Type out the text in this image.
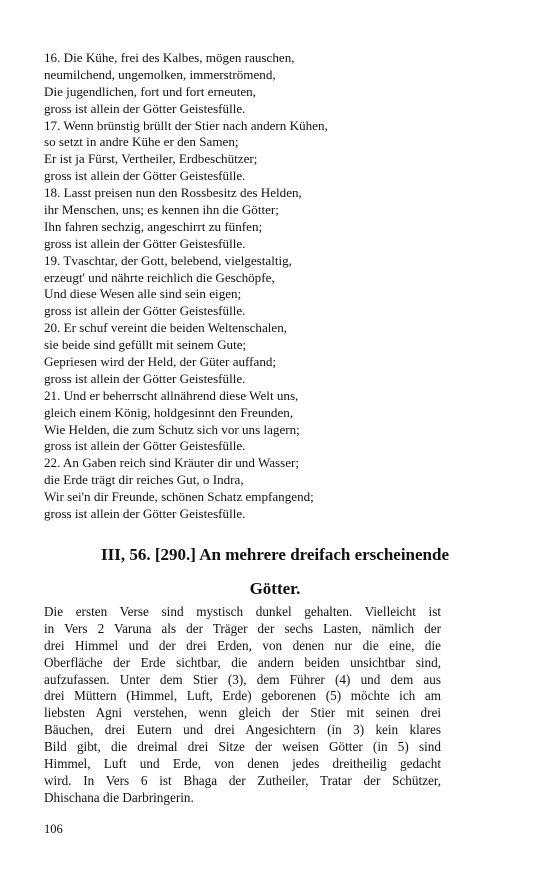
16. Die Kühe, frei des Kalbes, mögen rauschen,
neumilchend, ungemolken, immerströmend,
Die jugendlichen, fort und fort erneuten,
gross ist allein der Götter Geistesfülle.
17. Wenn brünstig brüllt der Stier nach andern Kühen,
so setzt in andre Kühe er den Samen;
Er ist ja Fürst, Vertheiler, Erdbeschützer;
gross ist allein der Götter Geistesfülle.
18. Lasst preisen nun den Rossbesitz des Helden,
ihr Menschen, uns; es kennen ihn die Götter;
Ihn fahren sechzig, angeschirrt zu fünfen;
gross ist allein der Götter Geistesfülle.
19. Tvaschtar, der Gott, belebend, vielgestaltig,
erzeugt' und nährte reichlich die Geschöpfe,
Und diese Wesen alle sind sein eigen;
gross ist allein der Götter Geistesfülle.
20. Er schuf vereint die beiden Weltenschalen,
sie beide sind gefüllt mit seinem Gute;
Gepriesen wird der Held, der Güter auffand;
gross ist allein der Götter Geistesfülle.
21. Und er beherrscht allnährend diese Welt uns,
gleich einem König, holdgesinnt den Freunden,
Wie Helden, die zum Schutz sich vor uns lagern;
gross ist allein der Götter Geistesfülle.
22. An Gaben reich sind Kräuter dir und Wasser;
die Erde trägt dir reiches Gut, o Indra,
Wir sei'n dir Freunde, schönen Schatz empfangend;
gross ist allein der Götter Geistesfülle.
III, 56. [290.] An mehrere dreifach erscheinende
Götter.
Die ersten Verse sind mystisch dunkel gehalten. Vielleicht ist
in Vers 2 Varuna als der Träger der sechs Lasten, nämlich der
drei Himmel und der drei Erden, von denen nur die eine, die
Oberfläche der Erde sichtbar, die andern beiden unsichtbar sind,
aufzufassen. Unter dem Stier (3), dem Führer (4) und dem aus
drei Müttern (Himmel, Luft, Erde) geborenen (5) möchte ich am
liebsten Agni verstehen, wenn gleich der Stier mit seinen drei
Bäuchen, drei Eutern und drei Angesichtern (in 3) kein klares
Bild gibt, die dreimal drei Sitze der weisen Götter (in 5) sind
Himmel, Luft und Erde, von denen jedes dreitheilig gedacht
wird. In Vers 6 ist Bhaga der Zutheiler, Tratar der Schützer,
Dhischana die Darbringerin.
106
